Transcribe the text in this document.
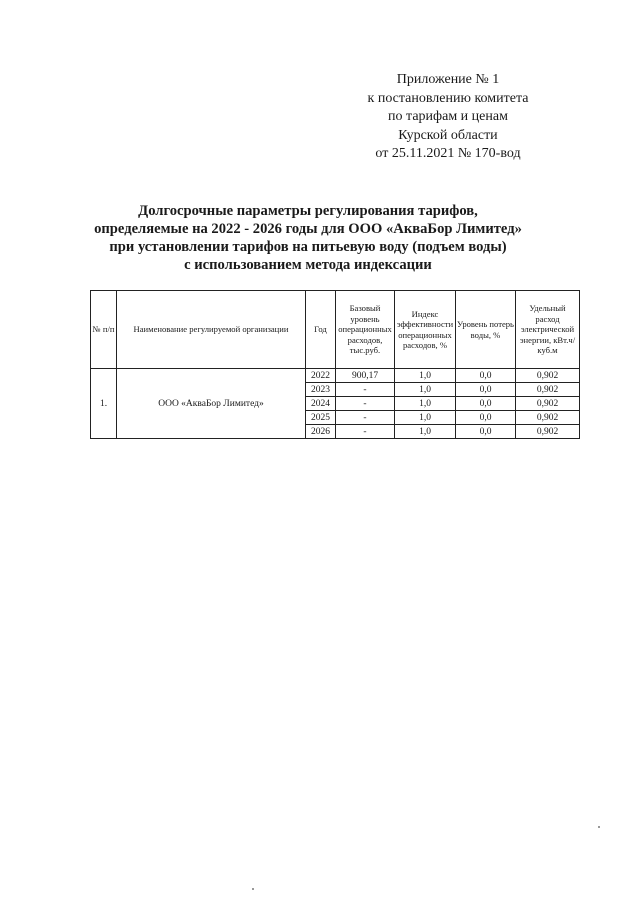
Приложение № 1
к постановлению комитета
по тарифам и ценам
Курской области
от 25.11.2021 № 170-вод
Долгосрочные параметры регулирования тарифов,
определяемые на 2022 - 2026 годы для ООО «АкваБор Лимитед»
при установлении тарифов на питьевую воду (подъем воды)
с использованием метода индексации
№ п/п	Наименование регулируемой организации	Год	Базовый уровень операционных расходов, тыс.руб.	Индекс эффективности операционных расходов, %	Уровень потерь воды, %	Удельный расход электрической энергии, кВт.ч/куб.м
1.	ООО «АкваБор Лимитед»	2022	900,17	1,0	0,0	0,902
		2023	-	1,0	0,0	0,902
		2024	-	1,0	0,0	0,902
		2025	-	1,0	0,0	0,902
		2026	-	1,0	0,0	0,902
